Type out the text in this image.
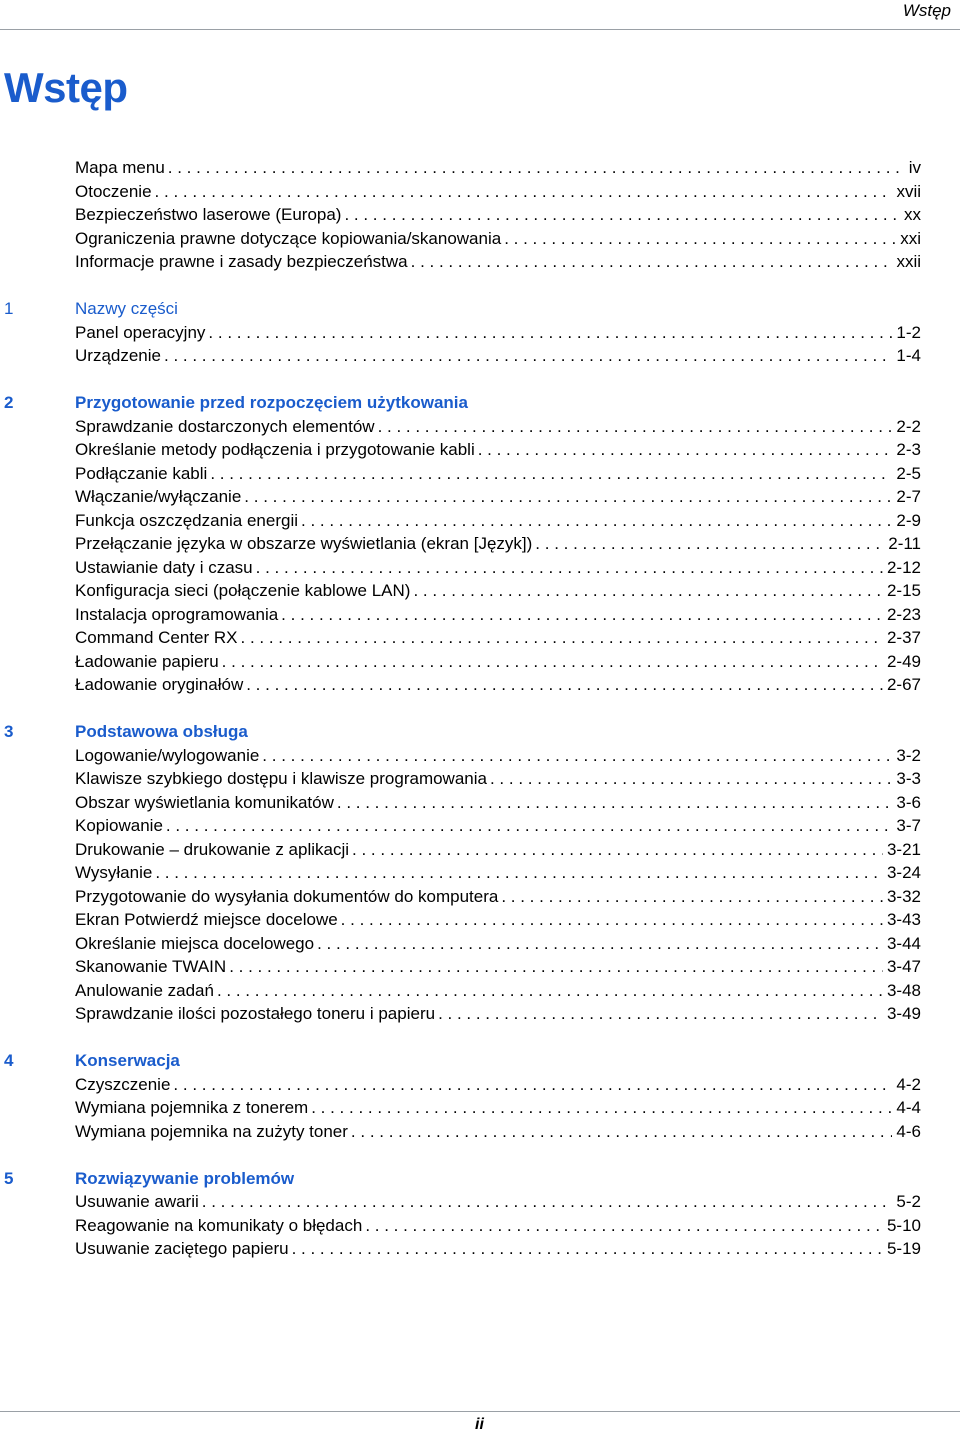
Wstęp
Wstęp
Mapa menu . . .	iv
Otoczenie . . .	xvii
Bezpieczeństwo laserowe (Europa) . . .	xx
Ograniczenia prawne dotyczące kopiowania/skanowania . . .	xxi
Informacje prawne i zasady bezpieczeństwa . . .	xxii
1	Nazwy części
Panel operacyjny . . .	1-2
Urządzenie . . .	1-4
2	Przygotowanie przed rozpoczęciem użytkowania
Sprawdzanie dostarczonych elementów . . .	2-2
Określanie metody podłączenia i przygotowanie kabli . . .	2-3
Podłączanie kabli . . .	2-5
Włączanie/wyłączanie . . .	2-7
Funkcja oszczędzania energii . . .	2-9
Przełączanie języka w obszarze wyświetlania (ekran [Język]) . . .	2-11
Ustawianie daty i czasu . . .	2-12
Konfiguracja sieci (połączenie kablowe LAN) . . .	2-15
Instalacja oprogramowania . . .	2-23
Command Center RX . . .	2-37
Ładowanie papieru . . .	2-49
Ładowanie oryginałów . . .	2-67
3	Podstawowa obsługa
Logowanie/wylogowanie . . .	3-2
Klawisze szybkiego dostępu i klawisze programowania . . .	3-3
Obszar wyświetlania komunikatów . . .	3-6
Kopiowanie . . .	3-7
Drukowanie – drukowanie z aplikacji . . .	3-21
Wysyłanie . . .	3-24
Przygotowanie do wysyłania dokumentów do komputera . . .	3-32
Ekran Potwierdź miejsce docelowe . . .	3-43
Określanie miejsca docelowego . . .	3-44
Skanowanie TWAIN . . .	3-47
Anulowanie zadań . . .	3-48
Sprawdzanie ilości pozostałego toneru i papieru . . .	3-49
4	Konserwacja
Czyszczenie . . .	4-2
Wymiana pojemnika z tonerem . . .	4-4
Wymiana pojemnika na zużyty toner . . .	4-6
5	Rozwiązywanie problemów
Usuwanie awarii . . .	5-2
Reagowanie na komunikaty o błędach . . .	5-10
Usuwanie zaciętego papieru . . .	5-19
ii
